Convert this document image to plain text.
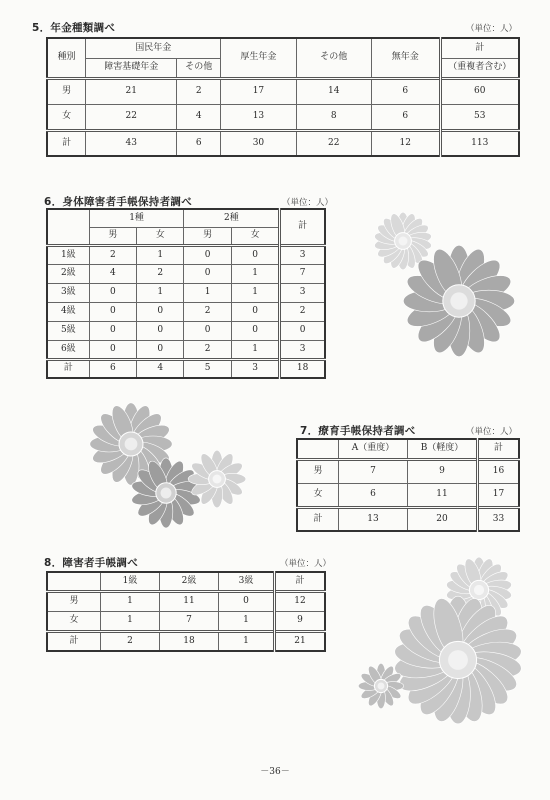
5．年金種類調べ	（単位：人）
種別	国民年金		厚生年金	その他	無年金	計
	障害基礎年金	その他				（重複者含む）
男	21	2	17	14	6	60
女	22	4	13	8	6	53
計	43	6	30	22	12	113
6．身体障害者手帳保持者調べ	（単位：人）
	1種		2種		計
	男	女	男	女	
1級	2	1	0	0	3
2級	4	2	0	1	7
3級	0	1	1	1	3
4級	0	0	2	0	2
5級	0	0	0	0	0
6級	0	0	2	1	3
計	6	4	5	3	18
7．療育手帳保持者調べ	（単位：人）
	A（重度）	B（軽度）	計
男	7	9	16
女	6	11	17
計	13	20	33
8．障害者手帳調べ	（単位：人）
	1級	2級	3級	計
男	1	11	0	12
女	1	7	1	9
計	2	18	1	21
－36－
